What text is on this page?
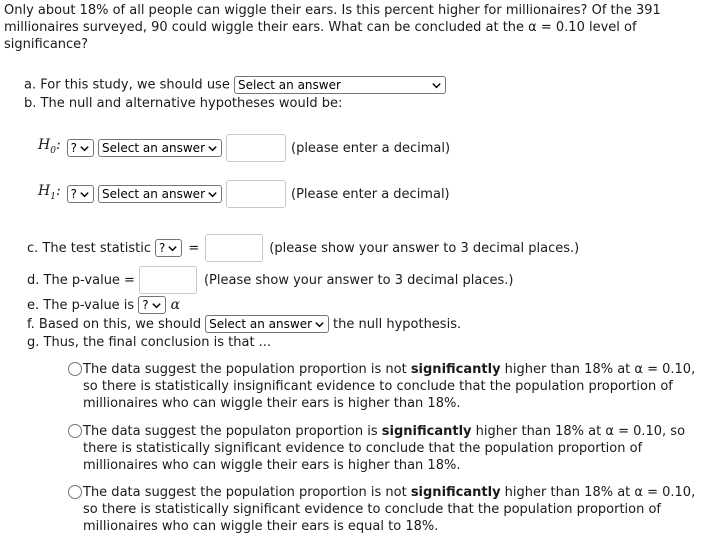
Only about 18% of all people can wiggle their ears. Is this percent higher for millionaires? Of the 391 millionaires surveyed, 90 could wiggle their ears. What can be concluded at the α = 0.10 level of significance?
a. For this study, we should use Select an answer
b. The null and alternative hypotheses would be:
$H_0$: ?	Select an answer	(please enter a decimal)
$H_1$: ?	Select an answer	(Please enter a decimal)
c. The test statistic ?	=	(please show your answer to 3 decimal places.)
d. The p-value =	(Please show your answer to 3 decimal places.)
e. The p-value is ?	α
f. Based on this, we should Select an answer	the null hypothesis.
g. Thus, the final conclusion is that ...
The data suggest the population proportion is not significantly higher than 18% at α = 0.10, so there is statistically insignificant evidence to conclude that the population proportion of millionaires who can wiggle their ears is higher than 18%.
The data suggest the populaton proportion is significantly higher than 18% at α = 0.10, so there is statistically significant evidence to conclude that the population proportion of millionaires who can wiggle their ears is higher than 18%.
The data suggest the population proportion is not significantly higher than 18% at α = 0.10, so there is statistically significant evidence to conclude that the population proportion of millionaires who can wiggle their ears is equal to 18%.
